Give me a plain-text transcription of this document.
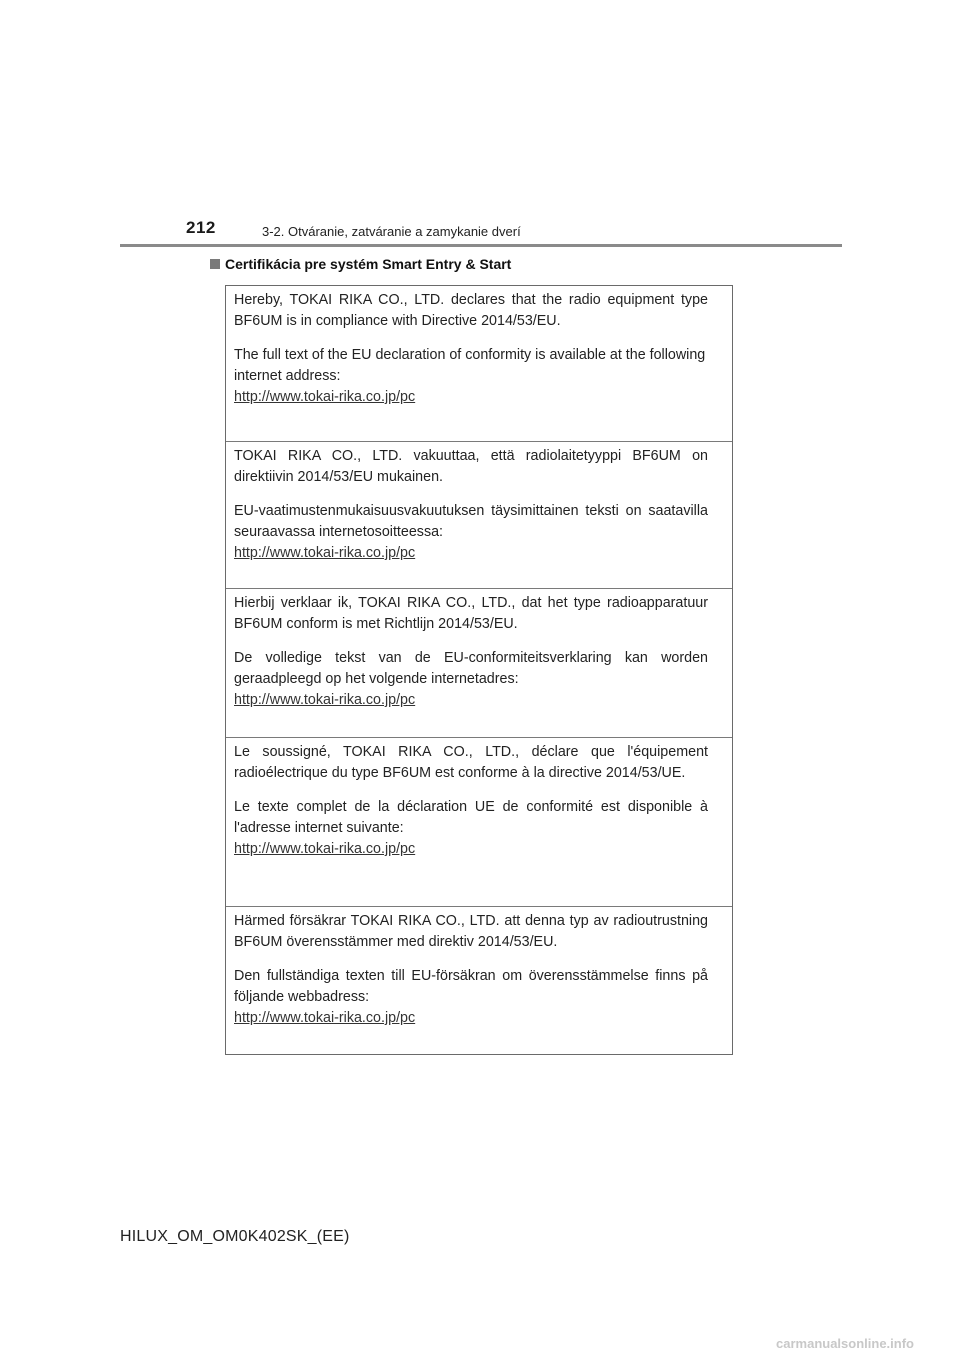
212	3-2. Otváranie, zatváranie a zamykanie dverí
Certifikácia pre systém Smart Entry & Start

Hereby, TOKAI RIKA CO., LTD. declares that the radio equipment type BF6UM is in compliance with Directive 2014/53/EU.

The full text of the EU declaration of conformity is available at the following internet address:

http://www.tokai-rika.co.jp/pc

TOKAI RIKA CO., LTD. vakuuttaa, että radiolaitetyyppi BF6UM on direktiivin 2014/53/EU mukainen.

EU-vaatimustenmukaisuusvakuutuksen täysimittainen teksti on saatavilla seuraavassa internetosoitteessa:

http://www.tokai-rika.co.jp/pc

Hierbij verklaar ik, TOKAI RIKA CO., LTD., dat het type radioapparatuur BF6UM conform is met Richtlijn 2014/53/EU.

De volledige tekst van de EU-conformiteitsverklaring kan worden geraadpleegd op het volgende internetadres:

http://www.tokai-rika.co.jp/pc

Le soussigné, TOKAI RIKA CO., LTD., déclare que l'équipement radioélectrique du type BF6UM est conforme à la directive 2014/53/UE.

Le texte complet de la déclaration UE de conformité est disponible à l'adresse internet suivante:

http://www.tokai-rika.co.jp/pc

Härmed försäkrar TOKAI RIKA CO., LTD. att denna typ av radioutrustning BF6UM överensstämmer med direktiv 2014/53/EU.

Den fullständiga texten till EU-försäkran om överensstämmelse finns på följande webbadress:

http://www.tokai-rika.co.jp/pc
HILUX_OM_OM0K402SK_(EE)
carmanualsonline.info
